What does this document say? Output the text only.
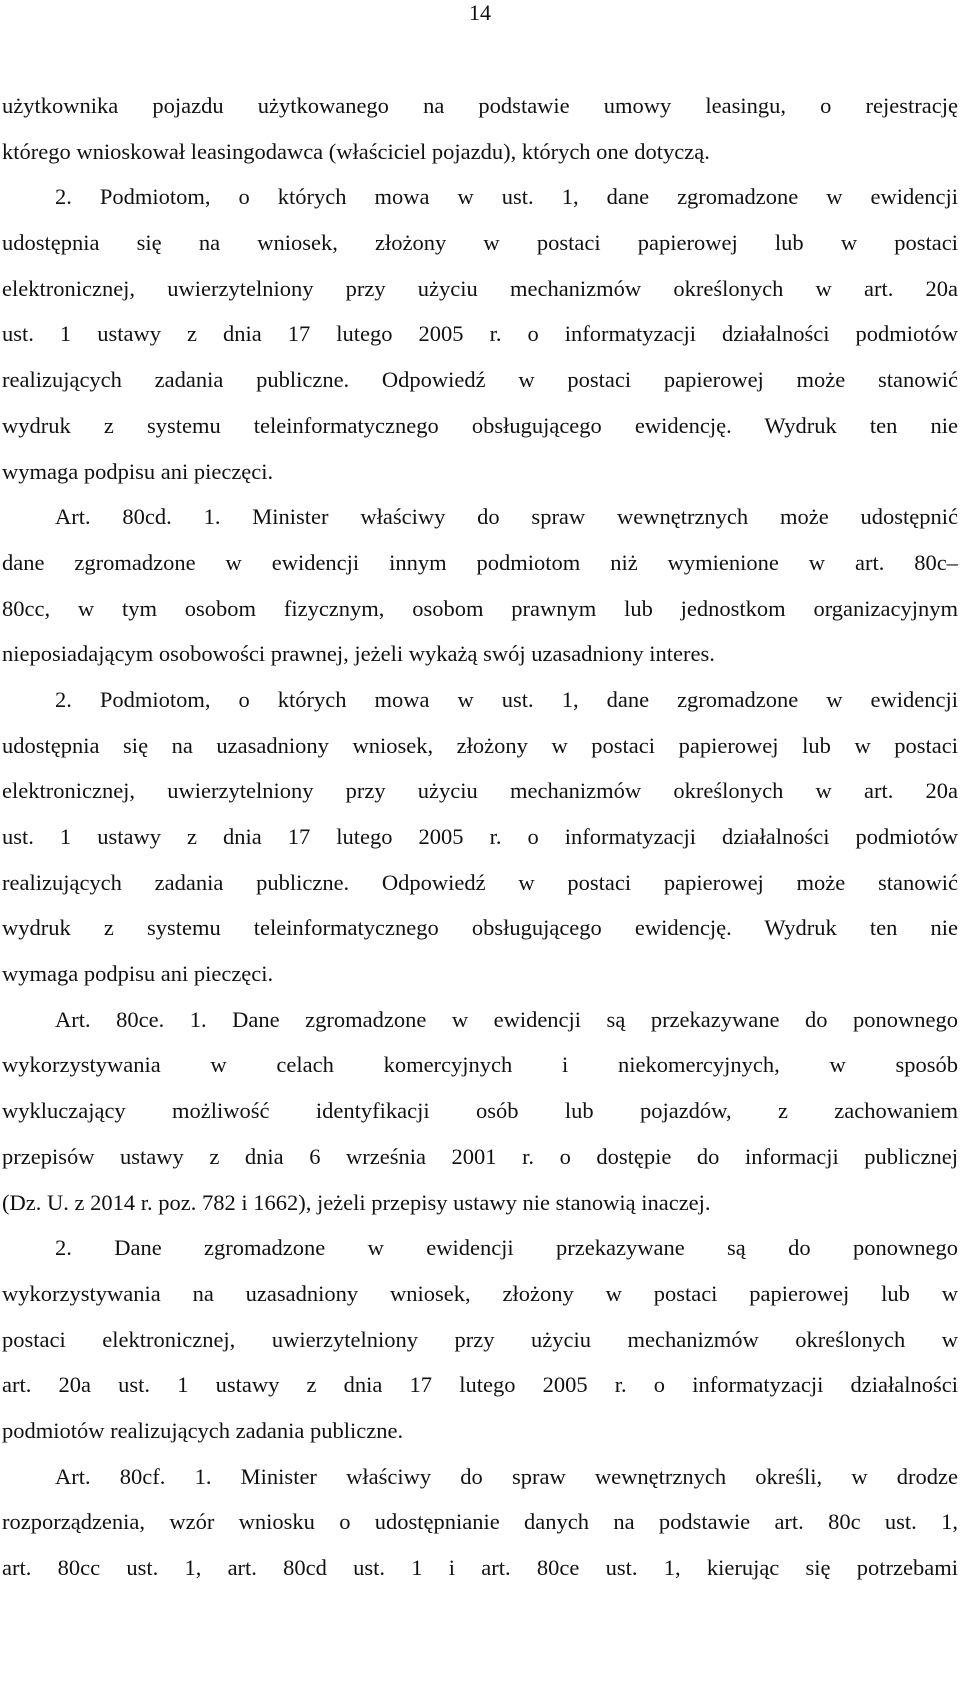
14
użytkownika pojazdu użytkowanego na podstawie umowy leasingu, o rejestrację
którego wnioskował leasingodawca (właściciel pojazdu), których one dotyczą.
2. Podmiotom, o których mowa w ust. 1, dane zgromadzone w ewidencji
udostępnia się na wniosek, złożony w postaci papierowej lub w postaci
elektronicznej, uwierzytelniony przy użyciu mechanizmów określonych w art. 20a
ust. 1 ustawy z dnia 17 lutego 2005 r. o informatyzacji działalności podmiotów
realizujących zadania publiczne. Odpowiedź w postaci papierowej może stanowić
wydruk z systemu teleinformatycznego obsługującego ewidencję. Wydruk ten nie
wymaga podpisu ani pieczęci.
Art. 80cd. 1. Minister właściwy do spraw wewnętrznych może udostępnić
dane zgromadzone w ewidencji innym podmiotom niż wymienione w art. 80c–
80cc, w tym osobom fizycznym, osobom prawnym lub jednostkom organizacyjnym
nieposiadającym osobowości prawnej, jeżeli wykażą swój uzasadniony interes.
2. Podmiotom, o których mowa w ust. 1, dane zgromadzone w ewidencji
udostępnia się na uzasadniony wniosek, złożony w postaci papierowej lub w postaci
elektronicznej, uwierzytelniony przy użyciu mechanizmów określonych w art. 20a
ust. 1 ustawy z dnia 17 lutego 2005 r. o informatyzacji działalności podmiotów
realizujących zadania publiczne. Odpowiedź w postaci papierowej może stanowić
wydruk z systemu teleinformatycznego obsługującego ewidencję. Wydruk ten nie
wymaga podpisu ani pieczęci.
Art. 80ce. 1. Dane zgromadzone w ewidencji są przekazywane do ponownego
wykorzystywania w celach komercyjnych i niekomercyjnych, w sposób
wykluczający możliwość identyfikacji osób lub pojazdów, z zachowaniem
przepisów ustawy z dnia 6 września 2001 r. o dostępie do informacji publicznej
(Dz. U. z 2014 r. poz. 782 i 1662), jeżeli przepisy ustawy nie stanowią inaczej.
2. Dane zgromadzone w ewidencji przekazywane są do ponownego
wykorzystywania na uzasadniony wniosek, złożony w postaci papierowej lub w
postaci elektronicznej, uwierzytelniony przy użyciu mechanizmów określonych w
art. 20a ust. 1 ustawy z dnia 17 lutego 2005 r. o informatyzacji działalności
podmiotów realizujących zadania publiczne.
Art. 80cf. 1. Minister właściwy do spraw wewnętrznych określi, w drodze
rozporządzenia, wzór wniosku o udostępnianie danych na podstawie art. 80c ust. 1,
art. 80cc ust. 1, art. 80cd ust. 1 i art. 80ce ust. 1, kierując się potrzebami
